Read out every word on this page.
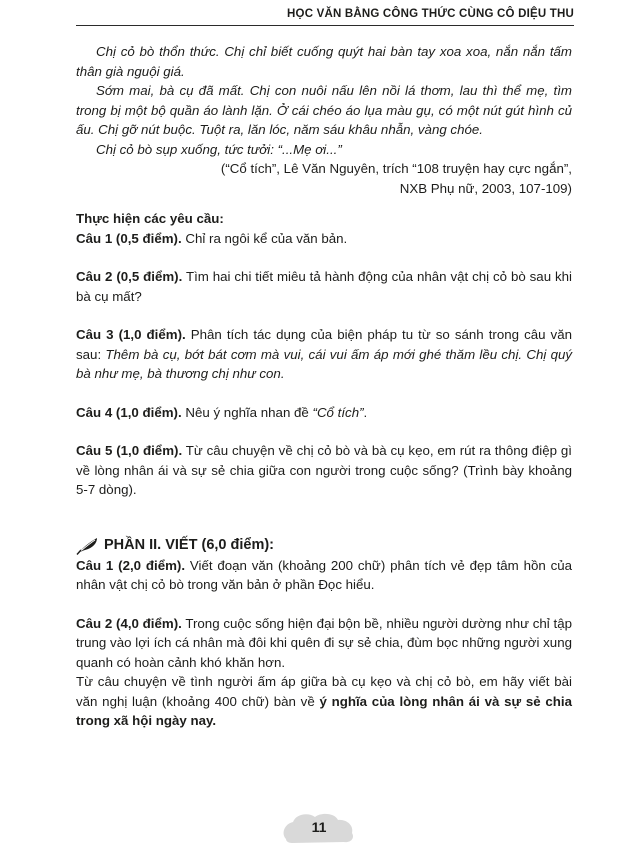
HỌC VĂN BẰNG CÔNG THỨC CÙNG CÔ DIỆU THU

Chị cỏ bò thổn thức. Chị chỉ biết cuống quýt hai bàn tay xoa xoa, nắn nắn tấm thân già nguội giá.

Sớm mai, bà cụ đã mất. Chị con nuôi nấu lên nồi lá thơm, lau thì thể mẹ, tìm trong bị một bộ quần áo lành lặn. Ở cái chéo áo lụa màu gụ, có một nút gút hình củ ấu. Chị gỡ nút buộc. Tuột ra, lăn lóc, năm sáu khâu nhẫn, vàng chóe.

Chị cỏ bò sụp xuống, tức tưởi: “...Mẹ ơi...”

(“Cổ tích”, Lê Văn Nguyên, trích “108 truyện hay cực ngắn”,

NXB Phụ nữ, 2003, 107-109)

Thực hiện các yêu cầu:

Câu 1 (0,5 điểm). Chỉ ra ngôi kể của văn bản.

Câu 2 (0,5 điểm). Tìm hai chi tiết miêu tả hành động của nhân vật chị cỏ bò sau khi bà cụ mất?

Câu 3 (1,0 điểm). Phân tích tác dụng của biện pháp tu từ so sánh trong câu văn sau: Thêm bà cụ, bớt bát cơm mà vui, cái vui ấm áp mới ghé thăm lều chị. Chị quý bà như mẹ, bà thương chị như con.

Câu 4 (1,0 điểm). Nêu ý nghĩa nhan đề “Cổ tích”.

Câu 5 (1,0 điểm). Từ câu chuyện về chị cỏ bò và bà cụ kẹo, em rút ra thông điệp gì về lòng nhân ái và sự sẻ chia giữa con người trong cuộc sống? (Trình bày khoảng 5-7 dòng).

PHẦN II. VIẾT (6,0 điểm):

Câu 1 (2,0 điểm). Viết đoạn văn (khoảng 200 chữ) phân tích vẻ đẹp tâm hồn của nhân vật chị cỏ bò trong văn bản ở phần Đọc hiểu.

Câu 2 (4,0 điểm). Trong cuộc sống hiện đại bộn bề, nhiều người dường như chỉ tập trung vào lợi ích cá nhân mà đôi khi quên đi sự sẻ chia, đùm bọc những người xung quanh có hoàn cảnh khó khăn hơn.

Từ câu chuyện về tình người ấm áp giữa bà cụ kẹo và chị cỏ bò, em hãy viết bài văn nghị luận (khoảng 400 chữ) bàn về ý nghĩa của lòng nhân ái và sự sẻ chia trong xã hội ngày nay.

11
